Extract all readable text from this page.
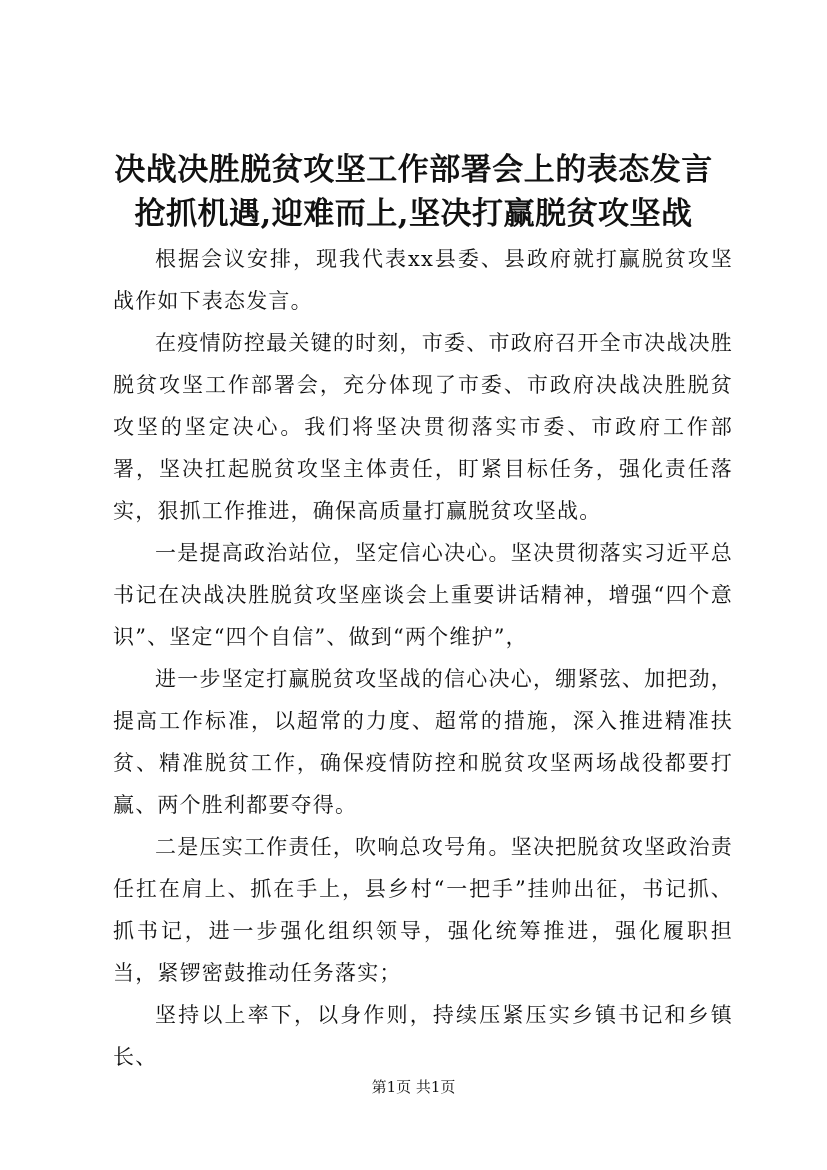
决战决胜脱贫攻坚工作部署会上的表态发言抢抓机遇,迎难而上,坚决打赢脱贫攻坚战

根据会议安排，现我代表xx县委、县政府就打赢脱贫攻坚战作如下表态发言。

在疫情防控最关键的时刻，市委、市政府召开全市决战决胜脱贫攻坚工作部署会，充分体现了市委、市政府决战决胜脱贫攻坚的坚定决心。我们将坚决贯彻落实市委、市政府工作部署，坚决扛起脱贫攻坚主体责任，盯紧目标任务，强化责任落实，狠抓工作推进，确保高质量打赢脱贫攻坚战。

一是提高政治站位，坚定信心决心。坚决贯彻落实习近平总书记在决战决胜脱贫攻坚座谈会上重要讲话精神，增强“四个意识”、坚定“四个自信”、做到“两个维护”，

进一步坚定打赢脱贫攻坚战的信心决心，绷紧弦、加把劲，提高工作标准，以超常的力度、超常的措施，深入推进精准扶贫、精准脱贫工作，确保疫情防控和脱贫攻坚两场战役都要打赢、两个胜利都要夺得。

二是压实工作责任，吹响总攻号角。坚决把脱贫攻坚政治责任扛在肩上、抓在手上，县乡村“一把手”挂帅出征，书记抓、抓书记，进一步强化组织领导，强化统筹推进，强化履职担当，紧锣密鼓推动任务落实；

坚持以上率下，以身作则，持续压紧压实乡镇书记和乡镇长、

第1页 共1页
